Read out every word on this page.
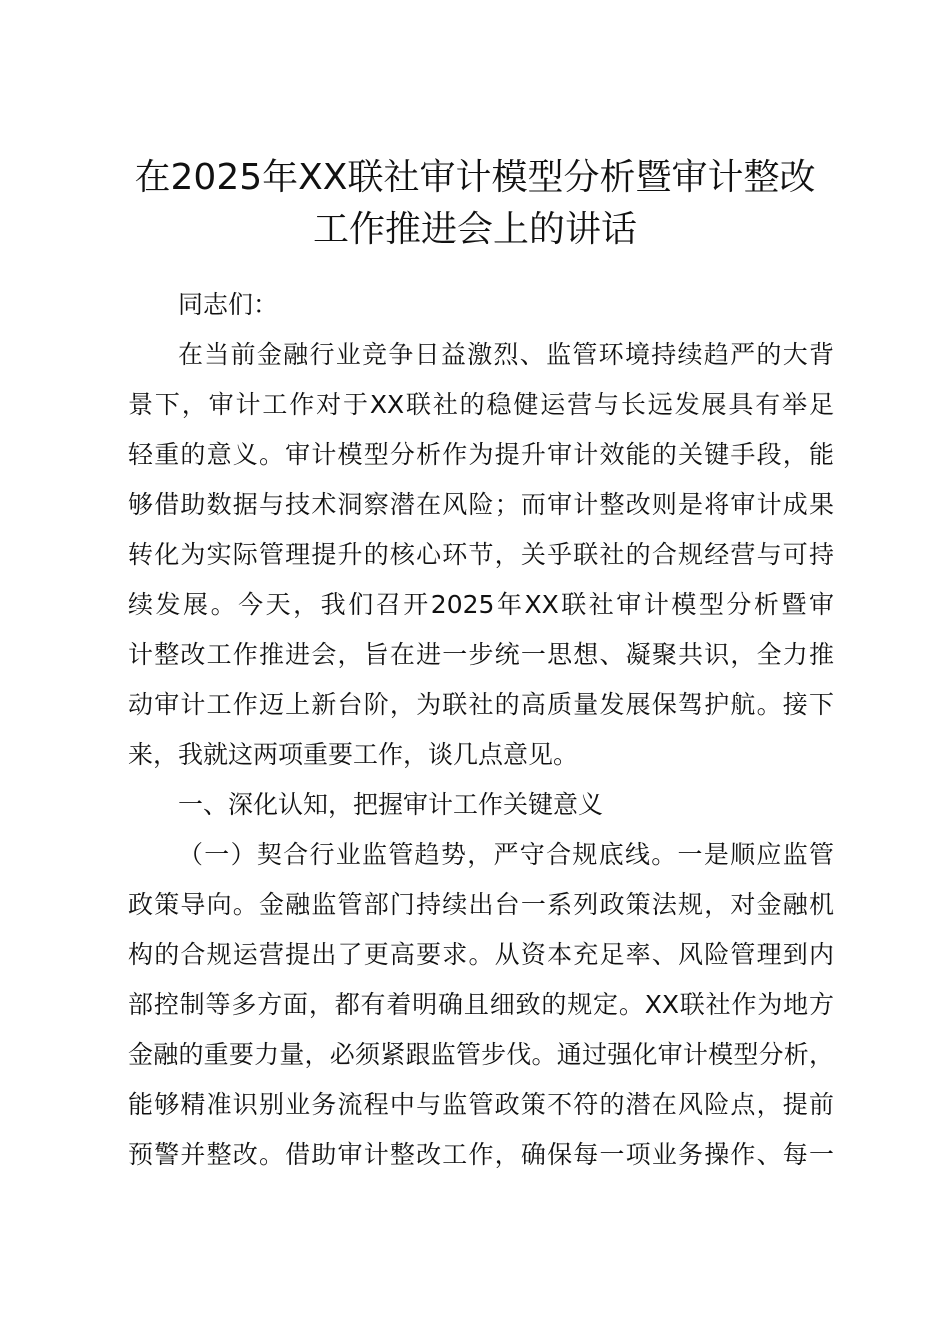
在2025年XX联社审计模型分析暨审计整改
工作推进会上的讲话
同志们：
在当前金融行业竞争日益激烈、监管环境持续趋严的大背
景下，审计工作对于XX联社的稳健运营与长远发展具有举足
轻重的意义。审计模型分析作为提升审计效能的关键手段，能
够借助数据与技术洞察潜在风险；而审计整改则是将审计成果
转化为实际管理提升的核心环节，关乎联社的合规经营与可持
续发展。今天，我们召开2025年XX联社审计模型分析暨审
计整改工作推进会，旨在进一步统一思想、凝聚共识，全力推
动审计工作迈上新台阶，为联社的高质量发展保驾护航。接下
来，我就这两项重要工作，谈几点意见。
一、深化认知，把握审计工作关键意义
（一）契合行业监管趋势，严守合规底线。一是顺应监管
政策导向。金融监管部门持续出台一系列政策法规，对金融机
构的合规运营提出了更高要求。从资本充足率、风险管理到内
部控制等多方面，都有着明确且细致的规定。XX联社作为地方
金融的重要力量，必须紧跟监管步伐。通过强化审计模型分析，
能够精准识别业务流程中与监管政策不符的潜在风险点，提前
预警并整改。借助审计整改工作，确保每一项业务操作、每一
